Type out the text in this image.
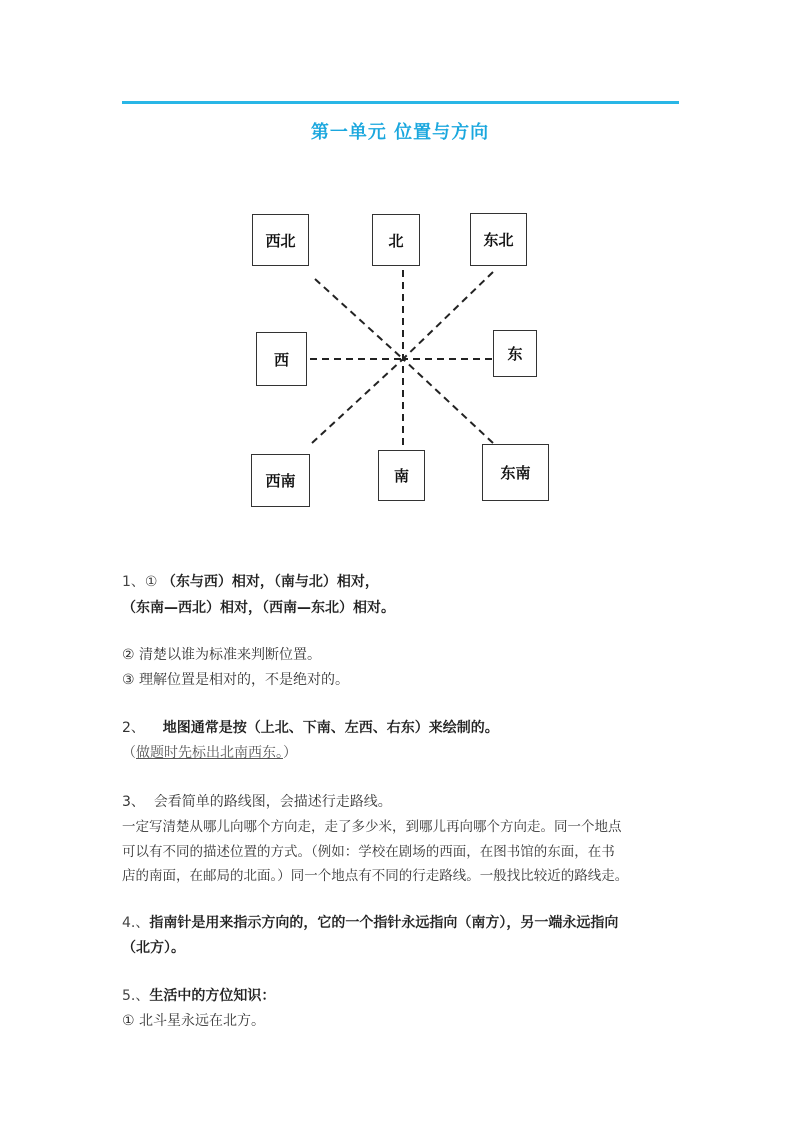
第一单元 位置与方向
西北	北	东北
西	东
西南	南	东南
1、① （东与西）相对，（南与北）相对，
（东南—西北）相对，（西南—东北）相对。
② 清楚以谁为标准来判断位置。
③ 理解位置是相对的，不是绝对的。
2、    地图通常是按（上北、下南、左西、右东）来绘制的。
（做题时先标出北南西东。）
3、  会看简单的路线图，会描述行走路线。
一定写清楚从哪儿向哪个方向走，走了多少米，到哪儿再向哪个方向走。同一个地点
可以有不同的描述位置的方式。（例如：学校在剧场的西面，在图书馆的东面，在书
店的南面，在邮局的北面。）同一个地点有不同的行走路线。一般找比较近的路线走。
4.、指南针是用来指示方向的，它的一个指针永远指向（南方），另一端永远指向
（北方）。
5.、生活中的方位知识：
① 北斗星永远在北方。
